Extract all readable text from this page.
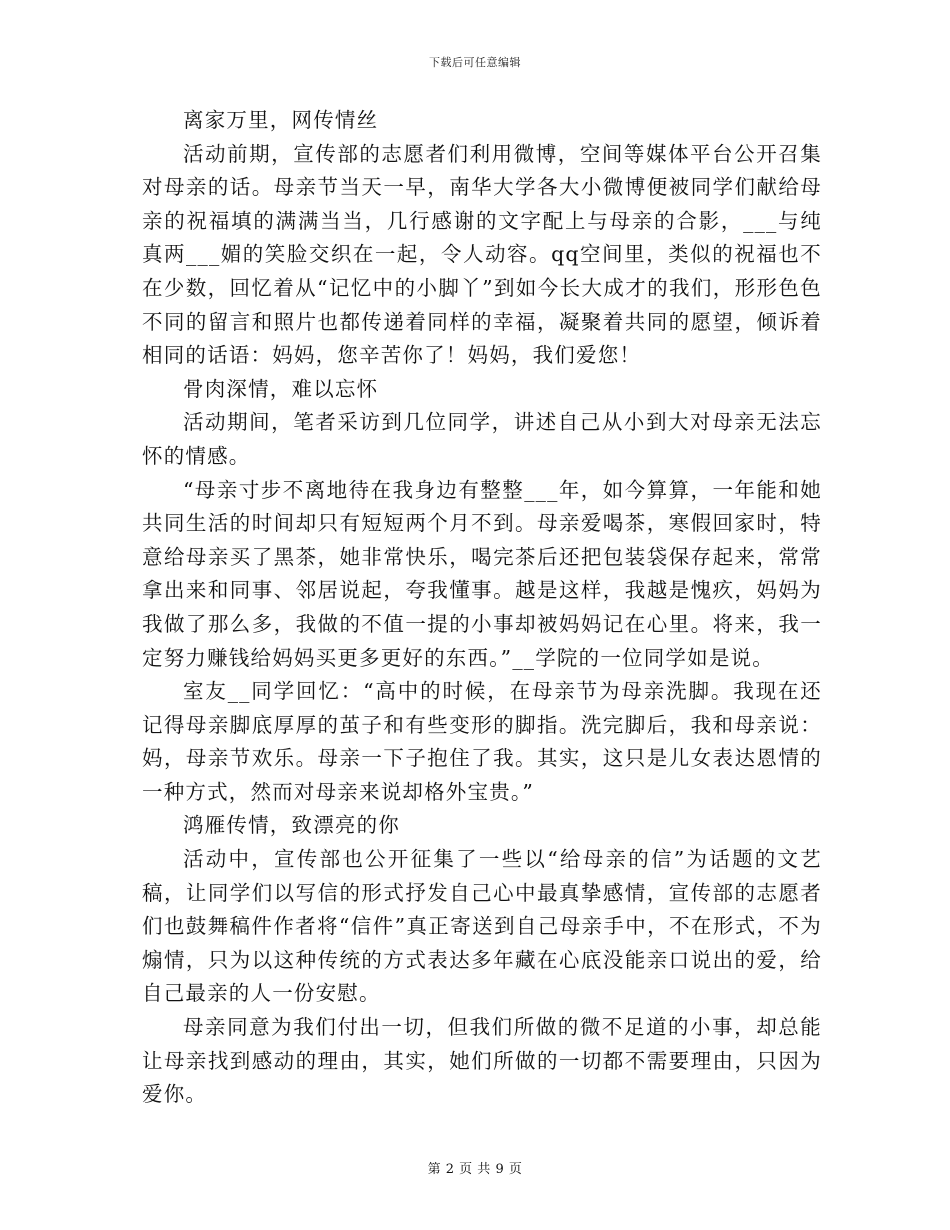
下载后可任意编辑

离家万里，网传情丝

活动前期，宣传部的志愿者们利用微博，空间等媒体平台公开召集对母亲的话。母亲节当天一早，南华大学各大小微博便被同学们献给母亲的祝福填的满满当当，几行感谢的文字配上与母亲的合影，___与纯真两___媚的笑脸交织在一起，令人动容。qq空间里，类似的祝福也不在少数，回忆着从“记忆中的小脚丫”到如今长大成才的我们，形形色色不同的留言和照片也都传递着同样的幸福，凝聚着共同的愿望，倾诉着相同的话语：妈妈，您辛苦你了！妈妈，我们爱您！

骨肉深情，难以忘怀

活动期间，笔者采访到几位同学，讲述自己从小到大对母亲无法忘怀的情感。

“母亲寸步不离地待在我身边有整整___年，如今算算，一年能和她共同生活的时间却只有短短两个月不到。母亲爱喝茶，寒假回家时，特意给母亲买了黑茶，她非常快乐，喝完茶后还把包装袋保存起来，常常拿出来和同事、邻居说起，夸我懂事。越是这样，我越是愧疚，妈妈为我做了那么多，我做的不值一提的小事却被妈妈记在心里。将来，我一定努力赚钱给妈妈买更多更好的东西。”__学院的一位同学如是说。

室友__同学回忆：“高中的时候，在母亲节为母亲洗脚。我现在还记得母亲脚底厚厚的茧子和有些变形的脚指。洗完脚后，我和母亲说：妈，母亲节欢乐。母亲一下子抱住了我。其实，这只是儿女表达恩情的一种方式，然而对母亲来说却格外宝贵。”

鸿雁传情，致漂亮的你

活动中，宣传部也公开征集了一些以“给母亲的信”为话题的文艺稿，让同学们以写信的形式抒发自己心中最真挚感情，宣传部的志愿者们也鼓舞稿件作者将“信件”真正寄送到自己母亲手中，不在形式，不为煽情，只为以这种传统的方式表达多年藏在心底没能亲口说出的爱，给自己最亲的人一份安慰。

母亲同意为我们付出一切，但我们所做的微不足道的小事，却总能让母亲找到感动的理由，其实，她们所做的一切都不需要理由，只因为爱你。

第 2 页 共 9 页
